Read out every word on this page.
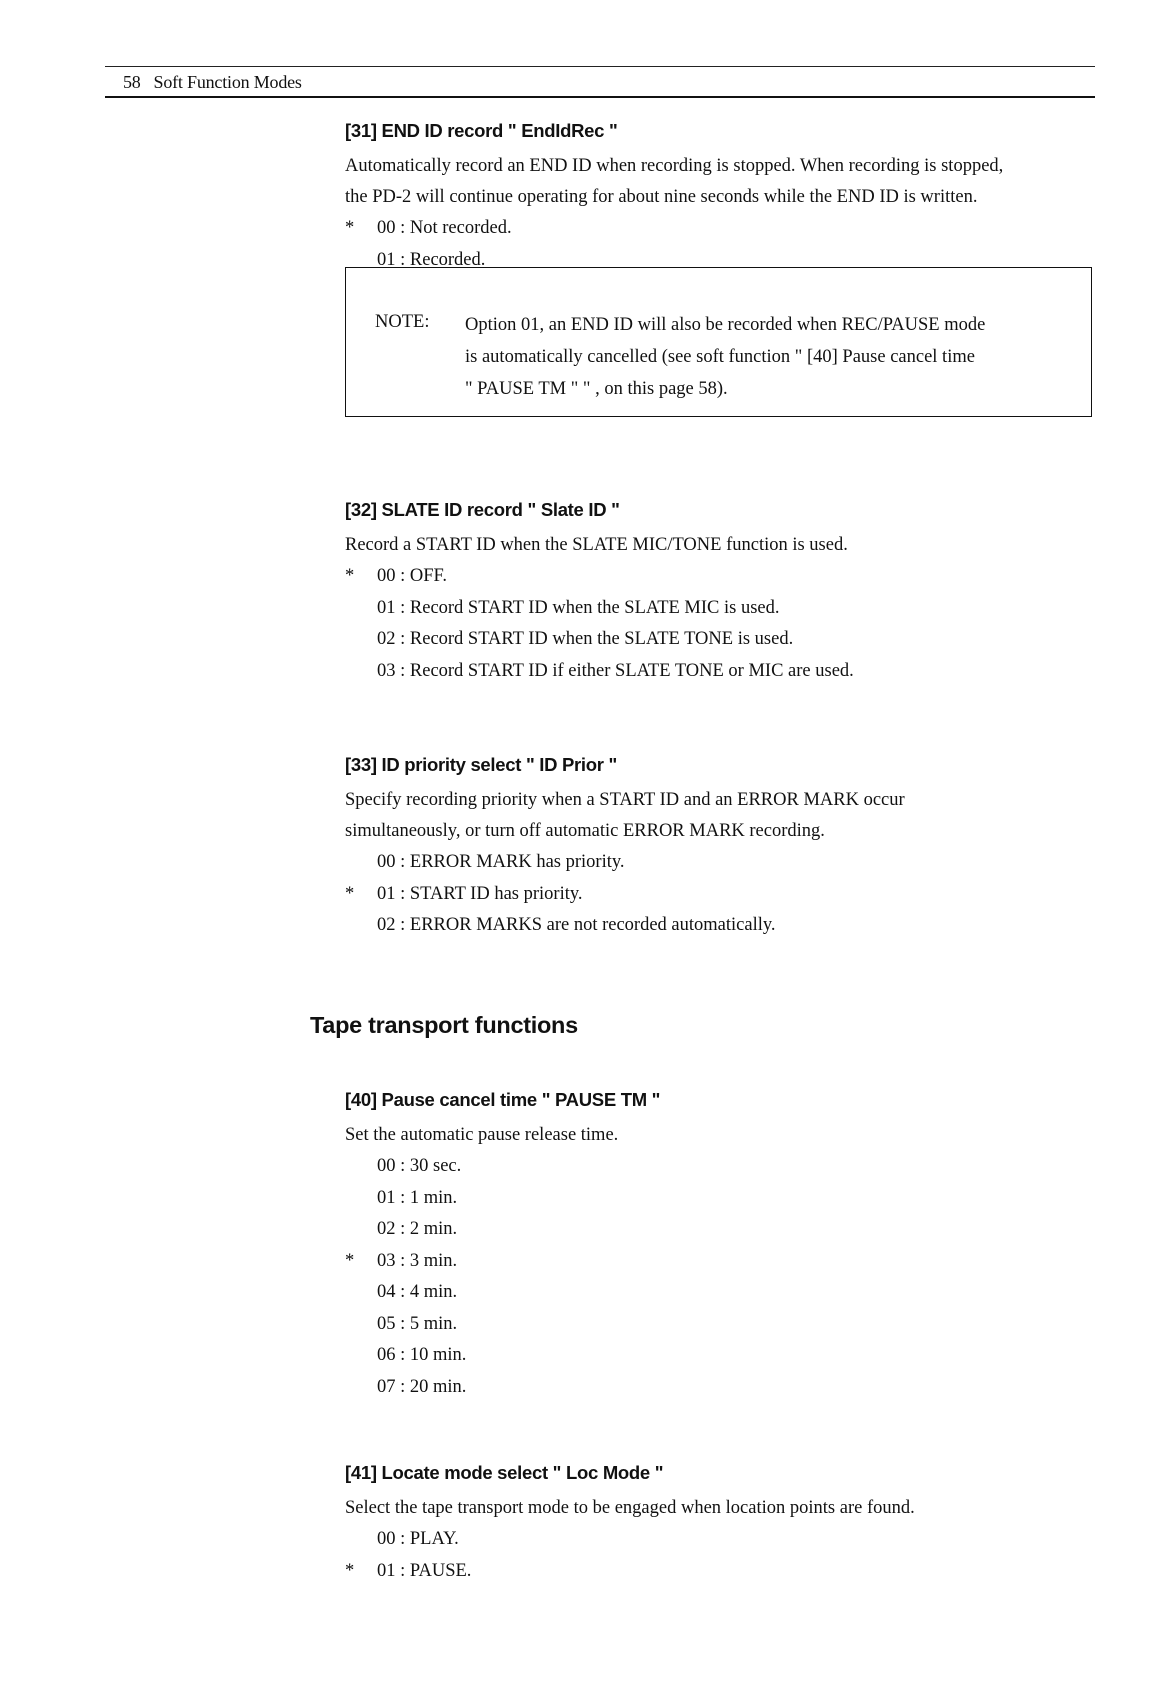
58 Soft Function Modes
[31] END ID record " EndIdRec "

Automatically record an END ID when recording is stopped. When recording is stopped,

the PD-2 will continue operating for about nine seconds while the END ID is written.

* 00 : Not recorded.
01 : Recorded.
NOTE: Option 01, an END ID will also be recorded when REC/PAUSE mode
is automatically cancelled (see soft function " [40] Pause cancel time
" PAUSE TM " " , on this page 58).
[32] SLATE ID record " Slate ID "

Record a START ID when the SLATE MIC/TONE function is used.

* 00 : OFF.
01 : Record START ID when the SLATE MIC is used.
02 : Record START ID when the SLATE TONE is used.
03 : Record START ID if either SLATE TONE or MIC are used.
[33] ID priority select " ID Prior "

Specify recording priority when a START ID and an ERROR MARK occur

simultaneously, or turn off automatic ERROR MARK recording.

00 : ERROR MARK has priority.
* 01 : START ID has priority.
02 : ERROR MARKS are not recorded automatically.
Tape transport functions
[40] Pause cancel time " PAUSE TM "

Set the automatic pause release time.

00 : 30 sec.
01 : 1 min.
02 : 2 min.
* 03 : 3 min.
04 : 4 min.
05 : 5 min.
06 : 10 min.
07 : 20 min.
[41] Locate mode select " Loc Mode "

Select the tape transport mode to be engaged when location points are found.

00 : PLAY.
* 01 : PAUSE.
